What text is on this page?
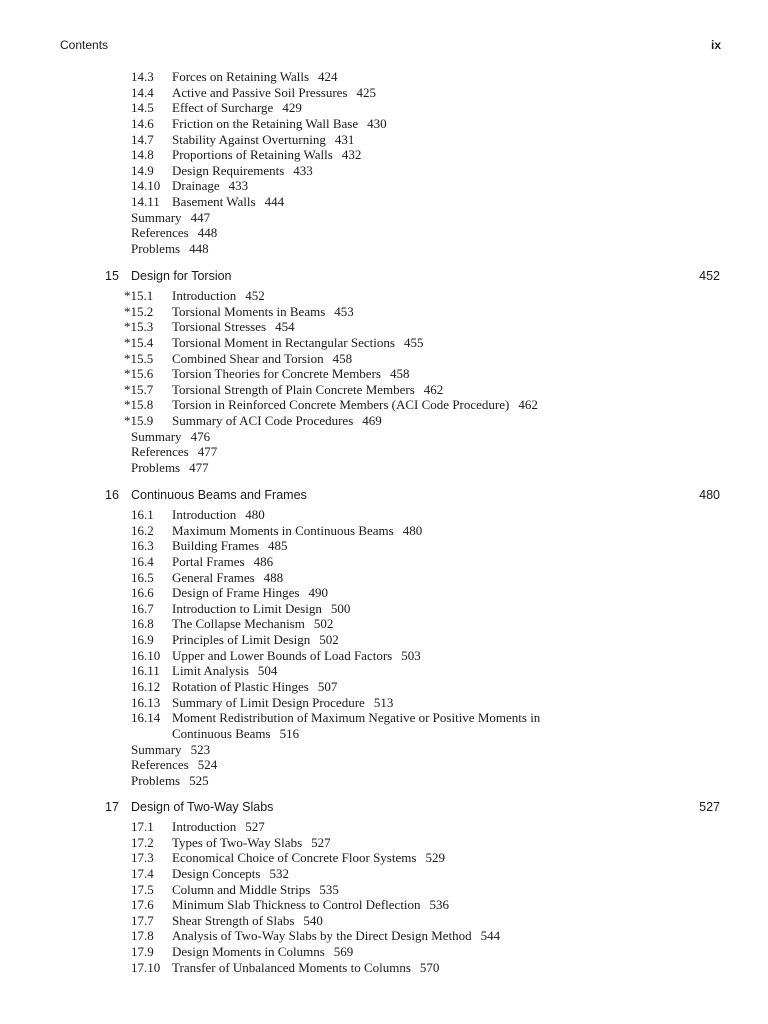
Contents	ix
14.3 Forces on Retaining Walls 424
14.4 Active and Passive Soil Pressures 425
14.5 Effect of Surcharge 429
14.6 Friction on the Retaining Wall Base 430
14.7 Stability Against Overturning 431
14.8 Proportions of Retaining Walls 432
14.9 Design Requirements 433
14.10 Drainage 433
14.11 Basement Walls 444
Summary 447
References 448
Problems 448
15 Design for Torsion	452
*15.1 Introduction 452
*15.2 Torsional Moments in Beams 453
*15.3 Torsional Stresses 454
*15.4 Torsional Moment in Rectangular Sections 455
*15.5 Combined Shear and Torsion 458
*15.6 Torsion Theories for Concrete Members 458
*15.7 Torsional Strength of Plain Concrete Members 462
*15.8 Torsion in Reinforced Concrete Members (ACI Code Procedure) 462
*15.9 Summary of ACI Code Procedures 469
Summary 476
References 477
Problems 477
16 Continuous Beams and Frames	480
16.1 Introduction 480
16.2 Maximum Moments in Continuous Beams 480
16.3 Building Frames 485
16.4 Portal Frames 486
16.5 General Frames 488
16.6 Design of Frame Hinges 490
16.7 Introduction to Limit Design 500
16.8 The Collapse Mechanism 502
16.9 Principles of Limit Design 502
16.10 Upper and Lower Bounds of Load Factors 503
16.11 Limit Analysis 504
16.12 Rotation of Plastic Hinges 507
16.13 Summary of Limit Design Procedure 513
16.14 Moment Redistribution of Maximum Negative or Positive Moments in
Continuous Beams 516
Summary 523
References 524
Problems 525
17 Design of Two-Way Slabs	527
17.1 Introduction 527
17.2 Types of Two-Way Slabs 527
17.3 Economical Choice of Concrete Floor Systems 529
17.4 Design Concepts 532
17.5 Column and Middle Strips 535
17.6 Minimum Slab Thickness to Control Deflection 536
17.7 Shear Strength of Slabs 540
17.8 Analysis of Two-Way Slabs by the Direct Design Method 544
17.9 Design Moments in Columns 569
17.10 Transfer of Unbalanced Moments to Columns 570
